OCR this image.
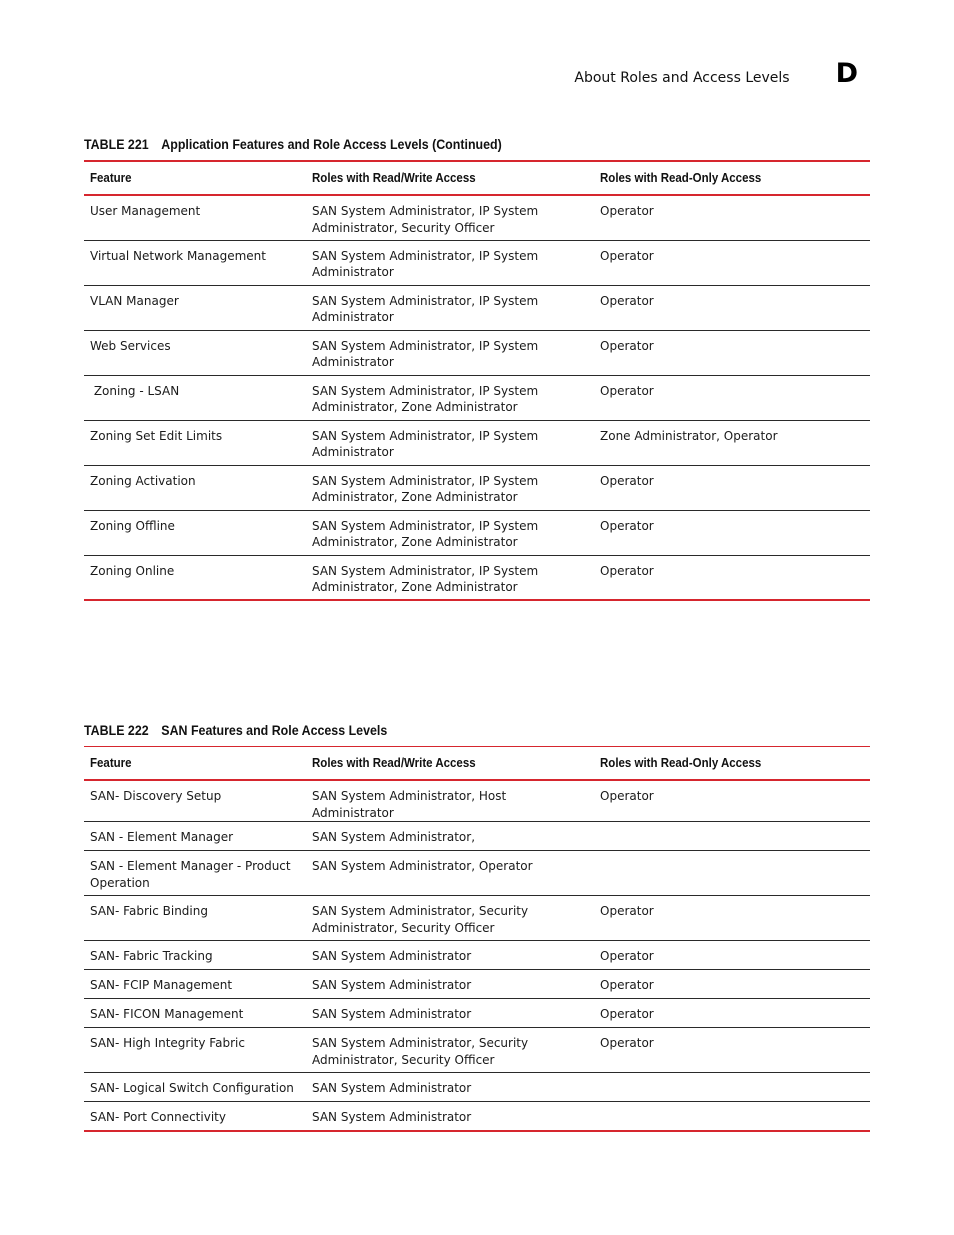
About Roles and Access Levels D
TABLE 221 Application Features and Role Access Levels (Continued)
Feature	Roles with Read/Write Access	Roles with Read-Only Access
User Management	SAN System Administrator, IP System Administrator, Security Officer	Operator
Virtual Network Management	SAN System Administrator, IP System Administrator	Operator
VLAN Manager	SAN System Administrator, IP System Administrator	Operator
Web Services	SAN System Administrator, IP System Administrator	Operator
Zoning - LSAN	SAN System Administrator, IP System Administrator, Zone Administrator	Operator
Zoning Set Edit Limits	SAN System Administrator, IP System Administrator	Zone Administrator, Operator
Zoning Activation	SAN System Administrator, IP System Administrator, Zone Administrator	Operator
Zoning Offline	SAN System Administrator, IP System Administrator, Zone Administrator	Operator
Zoning Online	SAN System Administrator, IP System Administrator, Zone Administrator	Operator
TABLE 222 SAN Features and Role Access Levels
Feature	Roles with Read/Write Access	Roles with Read-Only Access
SAN- Discovery Setup	SAN System Administrator, Host Administrator	Operator
SAN - Element Manager	SAN System Administrator,	
SAN - Element Manager - Product Operation	SAN System Administrator, Operator	
SAN- Fabric Binding	SAN System Administrator, Security Administrator, Security Officer	Operator
SAN- Fabric Tracking	SAN System Administrator	Operator
SAN- FCIP Management	SAN System Administrator	Operator
SAN- FICON Management	SAN System Administrator	Operator
SAN- High Integrity Fabric	SAN System Administrator, Security Administrator, Security Officer	Operator
SAN- Logical Switch Configuration	SAN System Administrator	
SAN- Port Connectivity	SAN System Administrator	
